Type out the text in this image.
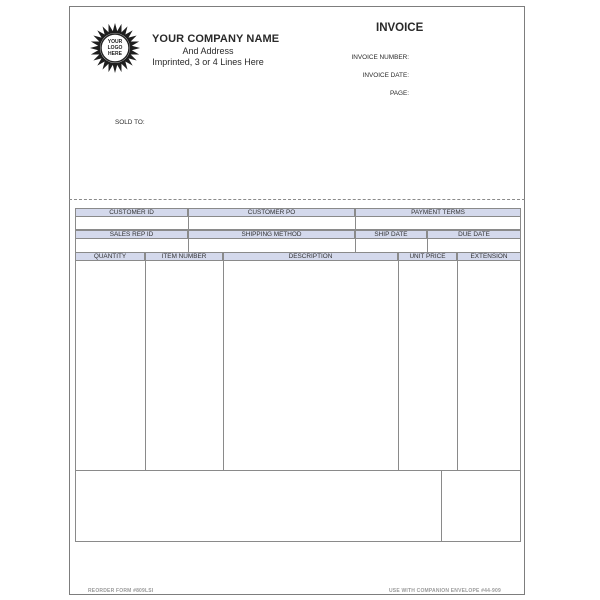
YOUR
LOGO
HERE
YOUR COMPANY NAME
And Address
Imprinted, 3 or 4 Lines Here
INVOICE
INVOICE NUMBER:
INVOICE DATE:
PAGE:
SOLD TO:
CUSTOMER ID	CUSTOMER PO	PAYMENT TERMS
SALES REP ID	SHIPPING METHOD	SHIP DATE	DUE DATE
QUANTITY	ITEM NUMBER	DESCRIPTION	UNIT PRICE	EXTENSION
REORDER FORM #809LSI	USE WITH COMPANION ENVELOPE #44-909
